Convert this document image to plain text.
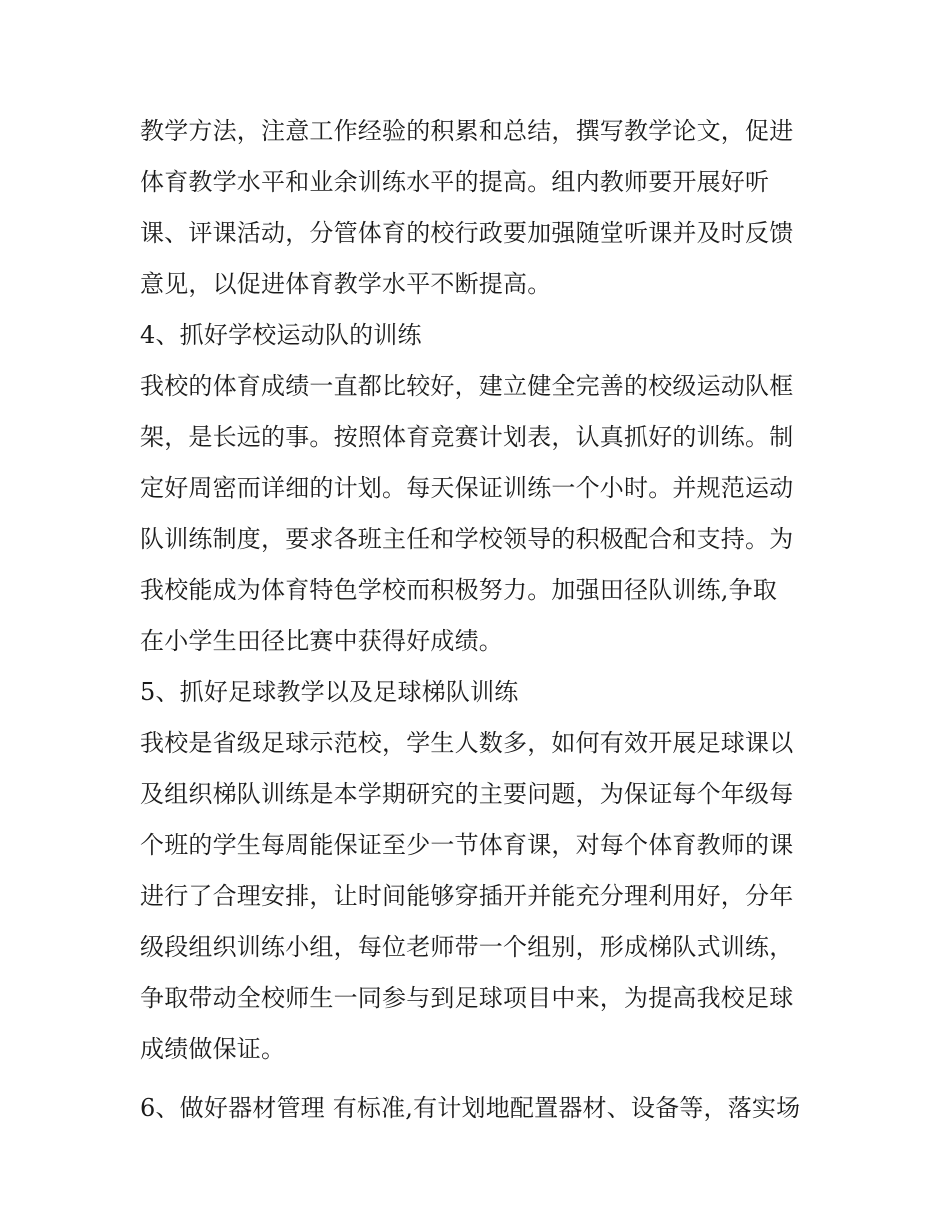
教学方法，注意工作经验的积累和总结，撰写教学论文，促进
体育教学水平和业余训练水平的提高。组内教师要开展好听
课、评课活动，分管体育的校行政要加强随堂听课并及时反馈
意见，以促进体育教学水平不断提高。
4、抓好学校运动队的训练
我校的体育成绩一直都比较好，建立健全完善的校级运动队框
架，是长远的事。按照体育竞赛计划表，认真抓好的训练。制
定好周密而详细的计划。每天保证训练一个小时。并规范运动
队训练制度，要求各班主任和学校领导的积极配合和支持。为
我校能成为体育特色学校而积极努力。加强田径队训练,争取
在小学生田径比赛中获得好成绩。
5、抓好足球教学以及足球梯队训练
我校是省级足球示范校，学生人数多，如何有效开展足球课以
及组织梯队训练是本学期研究的主要问题，为保证每个年级每
个班的学生每周能保证至少一节体育课，对每个体育教师的课
进行了合理安排，让时间能够穿插开并能充分理利用好，分年
级段组织训练小组，每位老师带一个组别，形成梯队式训练，
争取带动全校师生一同参与到足球项目中来，为提高我校足球
成绩做保证。
6、做好器材管理 有标准,有计划地配置器材、设备等，落实场
